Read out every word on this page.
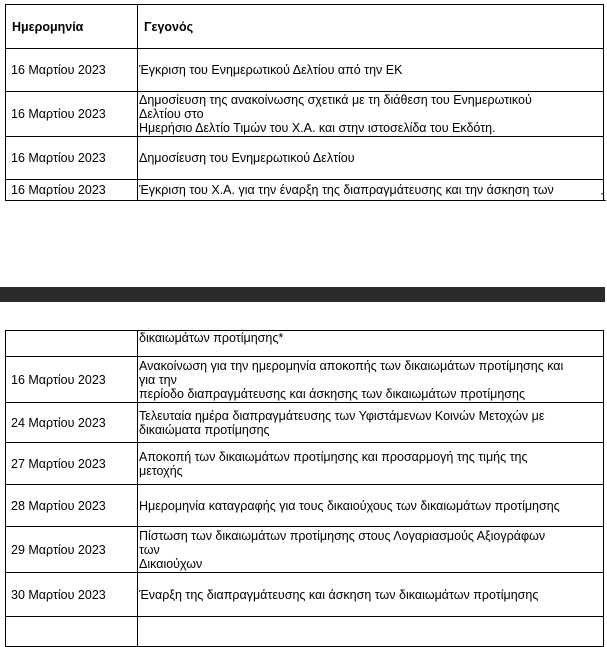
Ημερομηνία	Γεγονός
16 Μαρτίου 2023	Έγκριση του Ενημερωτικού Δελτίου από την ΕΚ

16 Μαρτίου 2023	Δημοσίευση της ανακοίνωσης σχετικά με τη διάθεση του Ενημερωτικού
Δελτίου στο
Ημερήσιο Δελτίο Τιμών του Χ.Α. και στην ιστοσελίδα του Εκδότη.

16 Μαρτίου 2023	Δημοσίευση του Ενημερωτικού Δελτίου

16 Μαρτίου 2023	Έγκριση του Χ.Α. για την έναρξη της διαπραγμάτευσης και την άσκηση των	1

	δικαιωμάτων προτίμησης*

16 Μαρτίου 2023	Ανακοίνωση για την ημερομηνία αποκοπής των δικαιωμάτων προτίμησης και
για την
περίοδο διαπραγμάτευσης και άσκησης των δικαιωμάτων προτίμησης

24 Μαρτίου 2023	Τελευταία ημέρα διαπραγμάτευσης των Υφιστάμενων Κοινών Μετοχών με
δικαιώματα προτίμησης

27 Μαρτίου 2023	Αποκοπή των δικαιωμάτων προτίμησης και προσαρμογή της τιμής της
μετοχής

28 Μαρτίου 2023	Ημερομηνία καταγραφής για τους δικαιούχους των δικαιωμάτων προτίμησης

29 Μαρτίου 2023	Πίστωση των δικαιωμάτων προτίμησης στους Λογαριασμούς Αξιογράφων
των
Δικαιούχων

30 Μαρτίου 2023	Έναρξη της διαπραγμάτευσης και άσκηση των δικαιωμάτων προτίμησης
